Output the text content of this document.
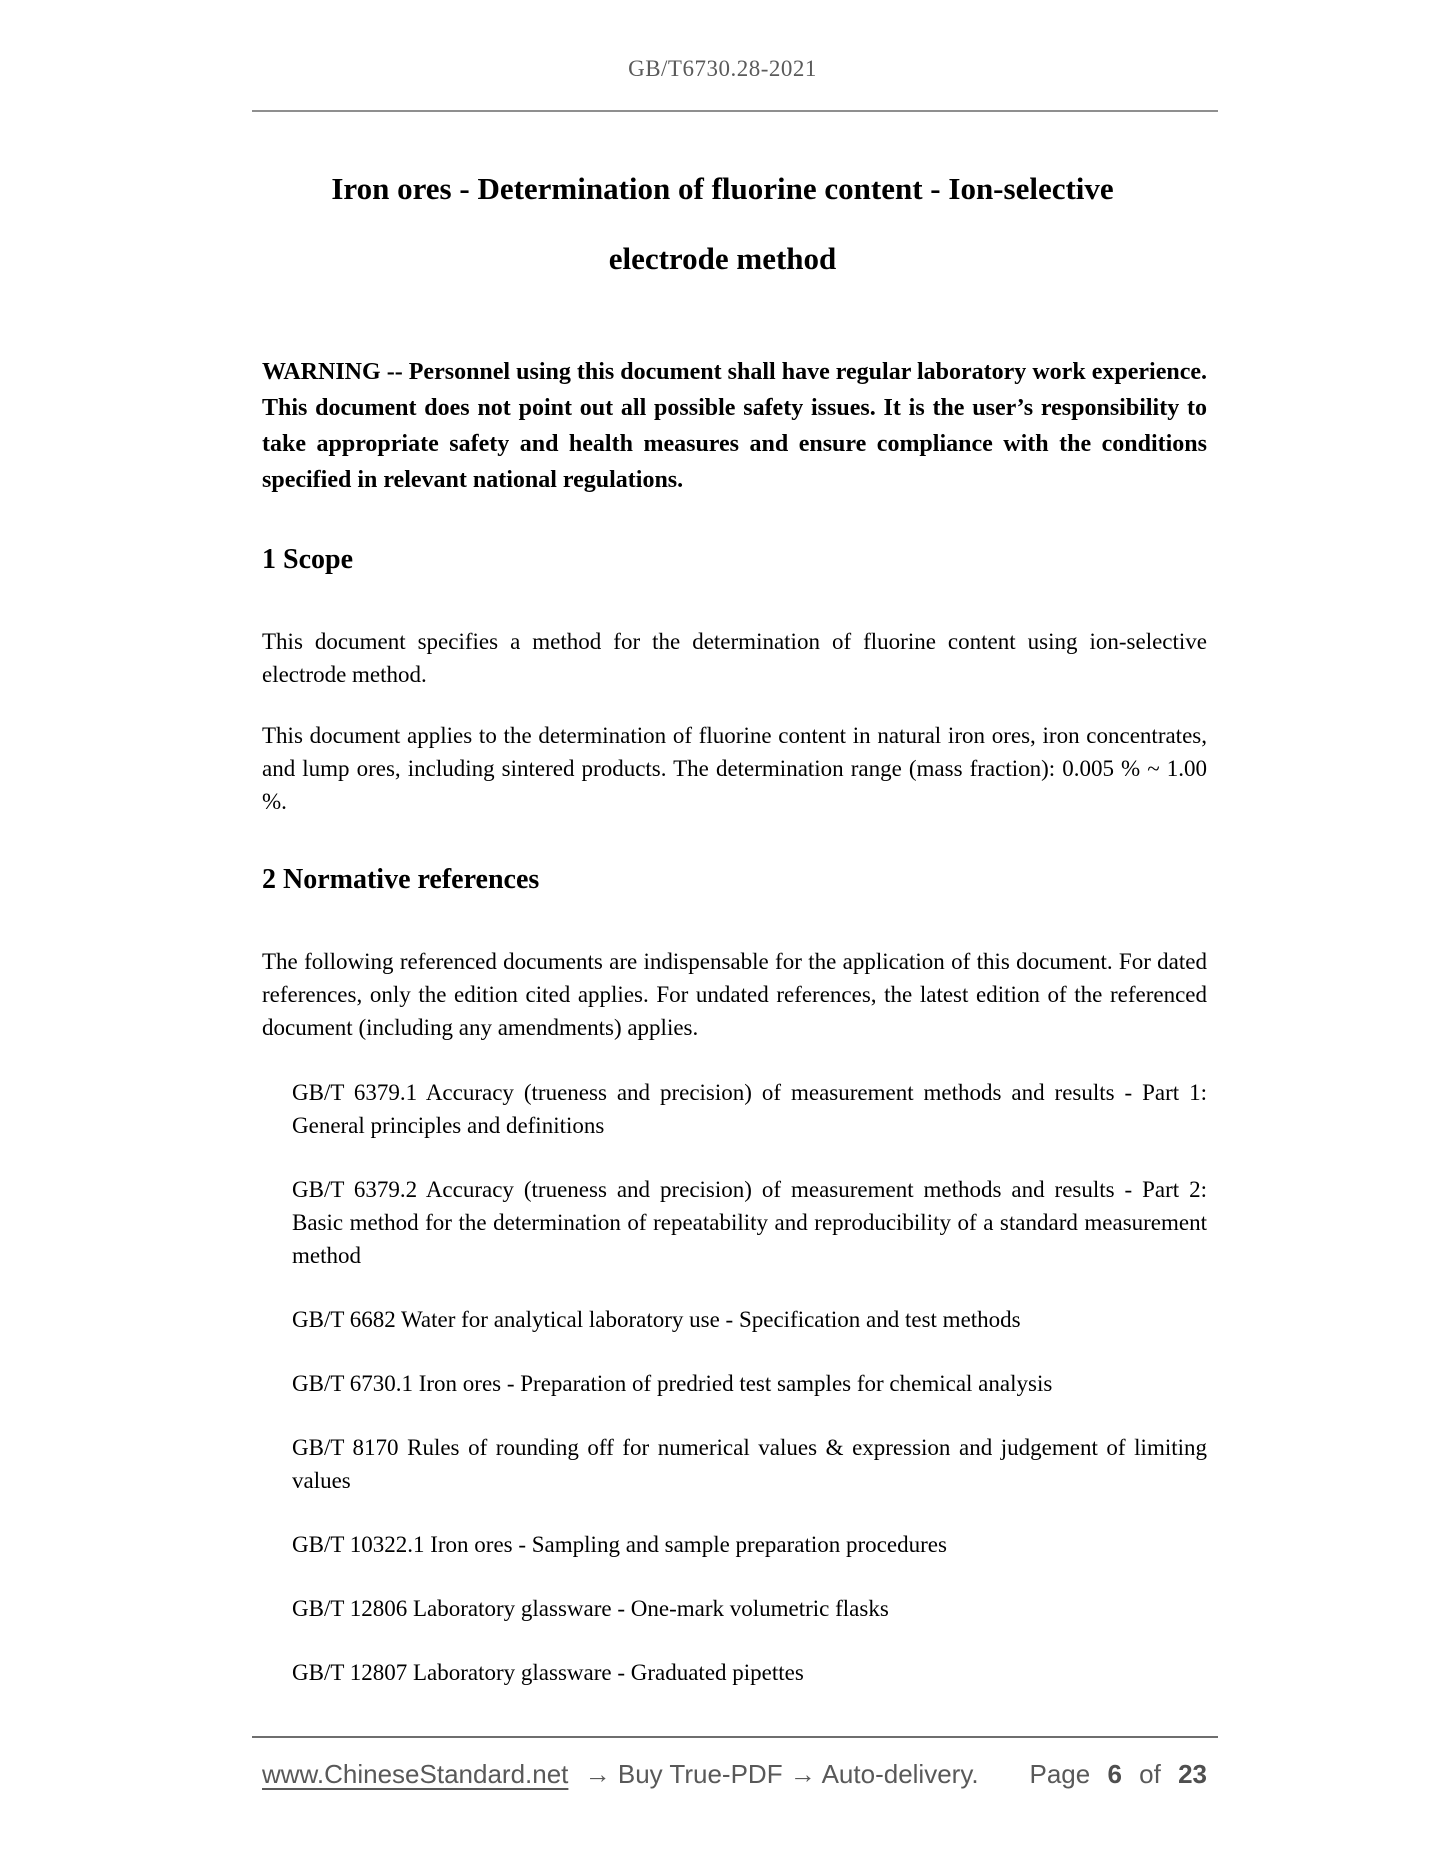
GB/T6730.28-2021
Iron ores - Determination of fluorine content - Ion-selective
electrode method

WARNING -- Personnel using this document shall have regular laboratory work experience. This document does not point out all possible safety issues. It is the user’s responsibility to take appropriate safety and health measures and ensure compliance with the conditions specified in relevant national regulations.

1 Scope

This document specifies a method for the determination of fluorine content using ion-selective electrode method.

This document applies to the determination of fluorine content in natural iron ores, iron concentrates, and lump ores, including sintered products. The determination range (mass fraction): 0.005 % ~ 1.00 %.

2 Normative references

The following referenced documents are indispensable for the application of this document. For dated references, only the edition cited applies. For undated references, the latest edition of the referenced document (including any amendments) applies.

GB/T 6379.1 Accuracy (trueness and precision) of measurement methods and results - Part 1: General principles and definitions

GB/T 6379.2 Accuracy (trueness and precision) of measurement methods and results - Part 2: Basic method for the determination of repeatability and reproducibility of a standard measurement method

GB/T 6682 Water for analytical laboratory use - Specification and test methods

GB/T 6730.1 Iron ores - Preparation of predried test samples for chemical analysis

GB/T 8170 Rules of rounding off for numerical values & expression and judgement of limiting values

GB/T 10322.1 Iron ores - Sampling and sample preparation procedures

GB/T 12806 Laboratory glassware - One-mark volumetric flasks

GB/T 12807 Laboratory glassware - Graduated pipettes

www.ChineseStandard.net → Buy True-PDF → Auto-delivery. Page 6 of 23
